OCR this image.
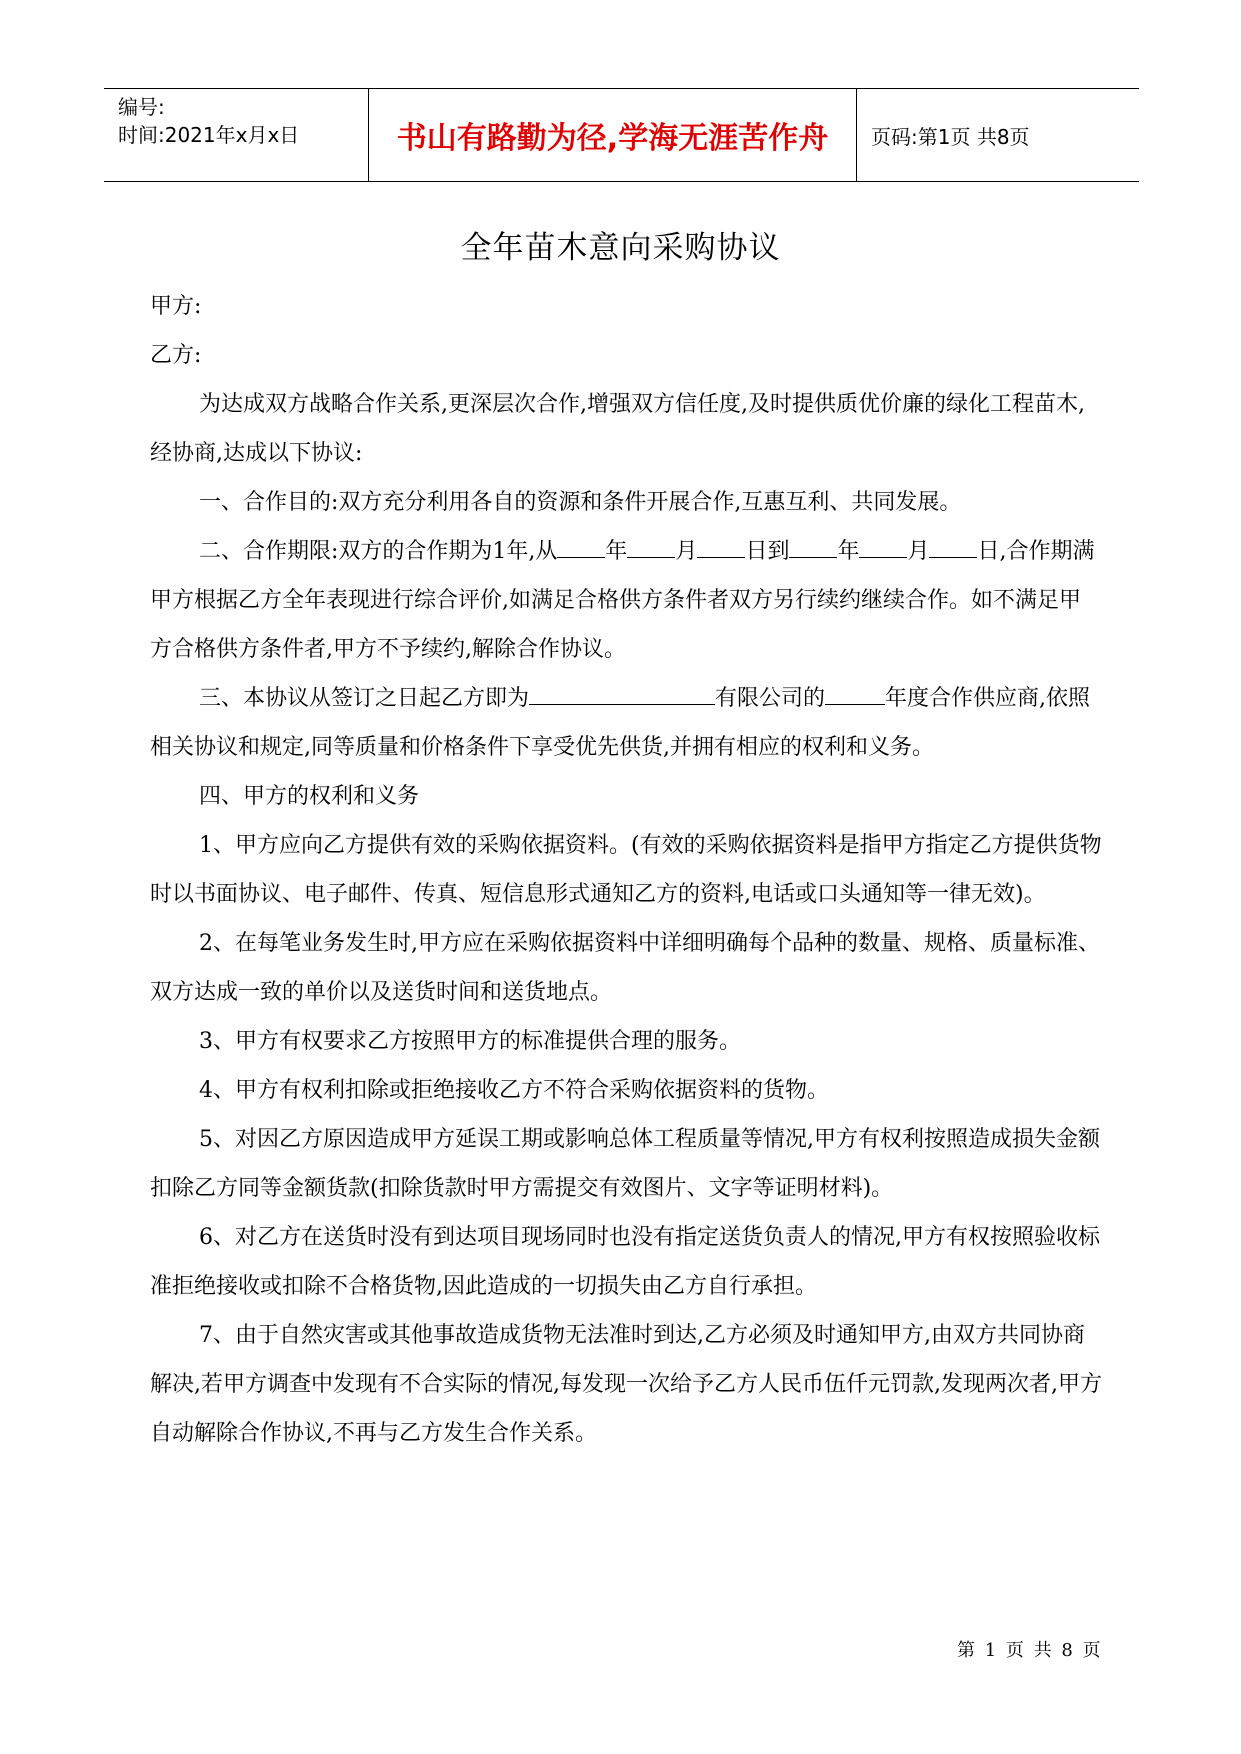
编号:
时间:2021年x月x日	书山有路勤为径,学海无涯苦作舟	页码:第1页 共8页
全年苗木意向采购协议

甲方:

乙方:

为达成双方战略合作关系,更深层次合作,增强双方信任度,及时提供质优价廉的绿化工程苗木,经协商,达成以下协议:

一、合作目的:双方充分利用各自的资源和条件开展合作,互惠互利、共同发展。

二、合作期限:双方的合作期为1年,从 年 月 日到 年 月 日,合作期满甲方根据乙方全年表现进行综合评价,如满足合格供方条件者双方另行续约继续合作。如不满足甲方合格供方条件者,甲方不予续约,解除合作协议。

三、本协议从签订之日起乙方即为	有限公司的	年度合作供应商,依照相关协议和规定,同等质量和价格条件下享受优先供货,并拥有相应的权利和义务。

四、甲方的权利和义务

1、甲方应向乙方提供有效的采购依据资料。(有效的采购依据资料是指甲方指定乙方提供货物时以书面协议、电子邮件、传真、短信息形式通知乙方的资料,电话或口头通知等一律无效)。

2、在每笔业务发生时,甲方应在采购依据资料中详细明确每个品种的数量、规格、质量标准、双方达成一致的单价以及送货时间和送货地点。

3、甲方有权要求乙方按照甲方的标准提供合理的服务。

4、甲方有权利扣除或拒绝接收乙方不符合采购依据资料的货物。

5、对因乙方原因造成甲方延误工期或影响总体工程质量等情况,甲方有权利按照造成损失金额扣除乙方同等金额货款(扣除货款时甲方需提交有效图片、文字等证明材料)。

6、对乙方在送货时没有到达项目现场同时也没有指定送货负责人的情况,甲方有权按照验收标准拒绝接收或扣除不合格货物,因此造成的一切损失由乙方自行承担。

7、由于自然灾害或其他事故造成货物无法准时到达,乙方必须及时通知甲方,由双方共同协商解决,若甲方调查中发现有不合实际的情况,每发现一次给予乙方人民币伍仟元罚款,发现两次者,甲方自动解除合作协议,不再与乙方发生合作关系。

第 1 页 共 8 页
